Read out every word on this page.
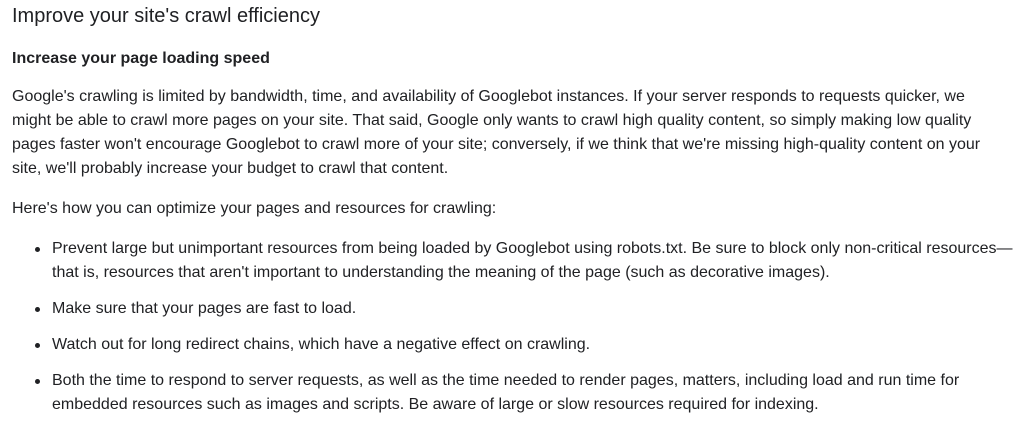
Improve your site's crawl efficiency
Increase your page loading speed

Google's crawling is limited by bandwidth, time, and availability of Googlebot instances. If your server responds to requests quicker, we might be able to crawl more pages on your site. That said, Google only wants to crawl high quality content, so simply making low quality pages faster won't encourage Googlebot to crawl more of your site; conversely, if we think that we're missing high-quality content on your site, we'll probably increase your budget to crawl that content.

Here's how you can optimize your pages and resources for crawling:

Prevent large but unimportant resources from being loaded by Googlebot using robots.txt. Be sure to block only non-critical resources—that is, resources that aren't important to understanding the meaning of the page (such as decorative images).
Make sure that your pages are fast to load.
Watch out for long redirect chains, which have a negative effect on crawling.
Both the time to respond to server requests, as well as the time needed to render pages, matters, including load and run time for embedded resources such as images and scripts. Be aware of large or slow resources required for indexing.
